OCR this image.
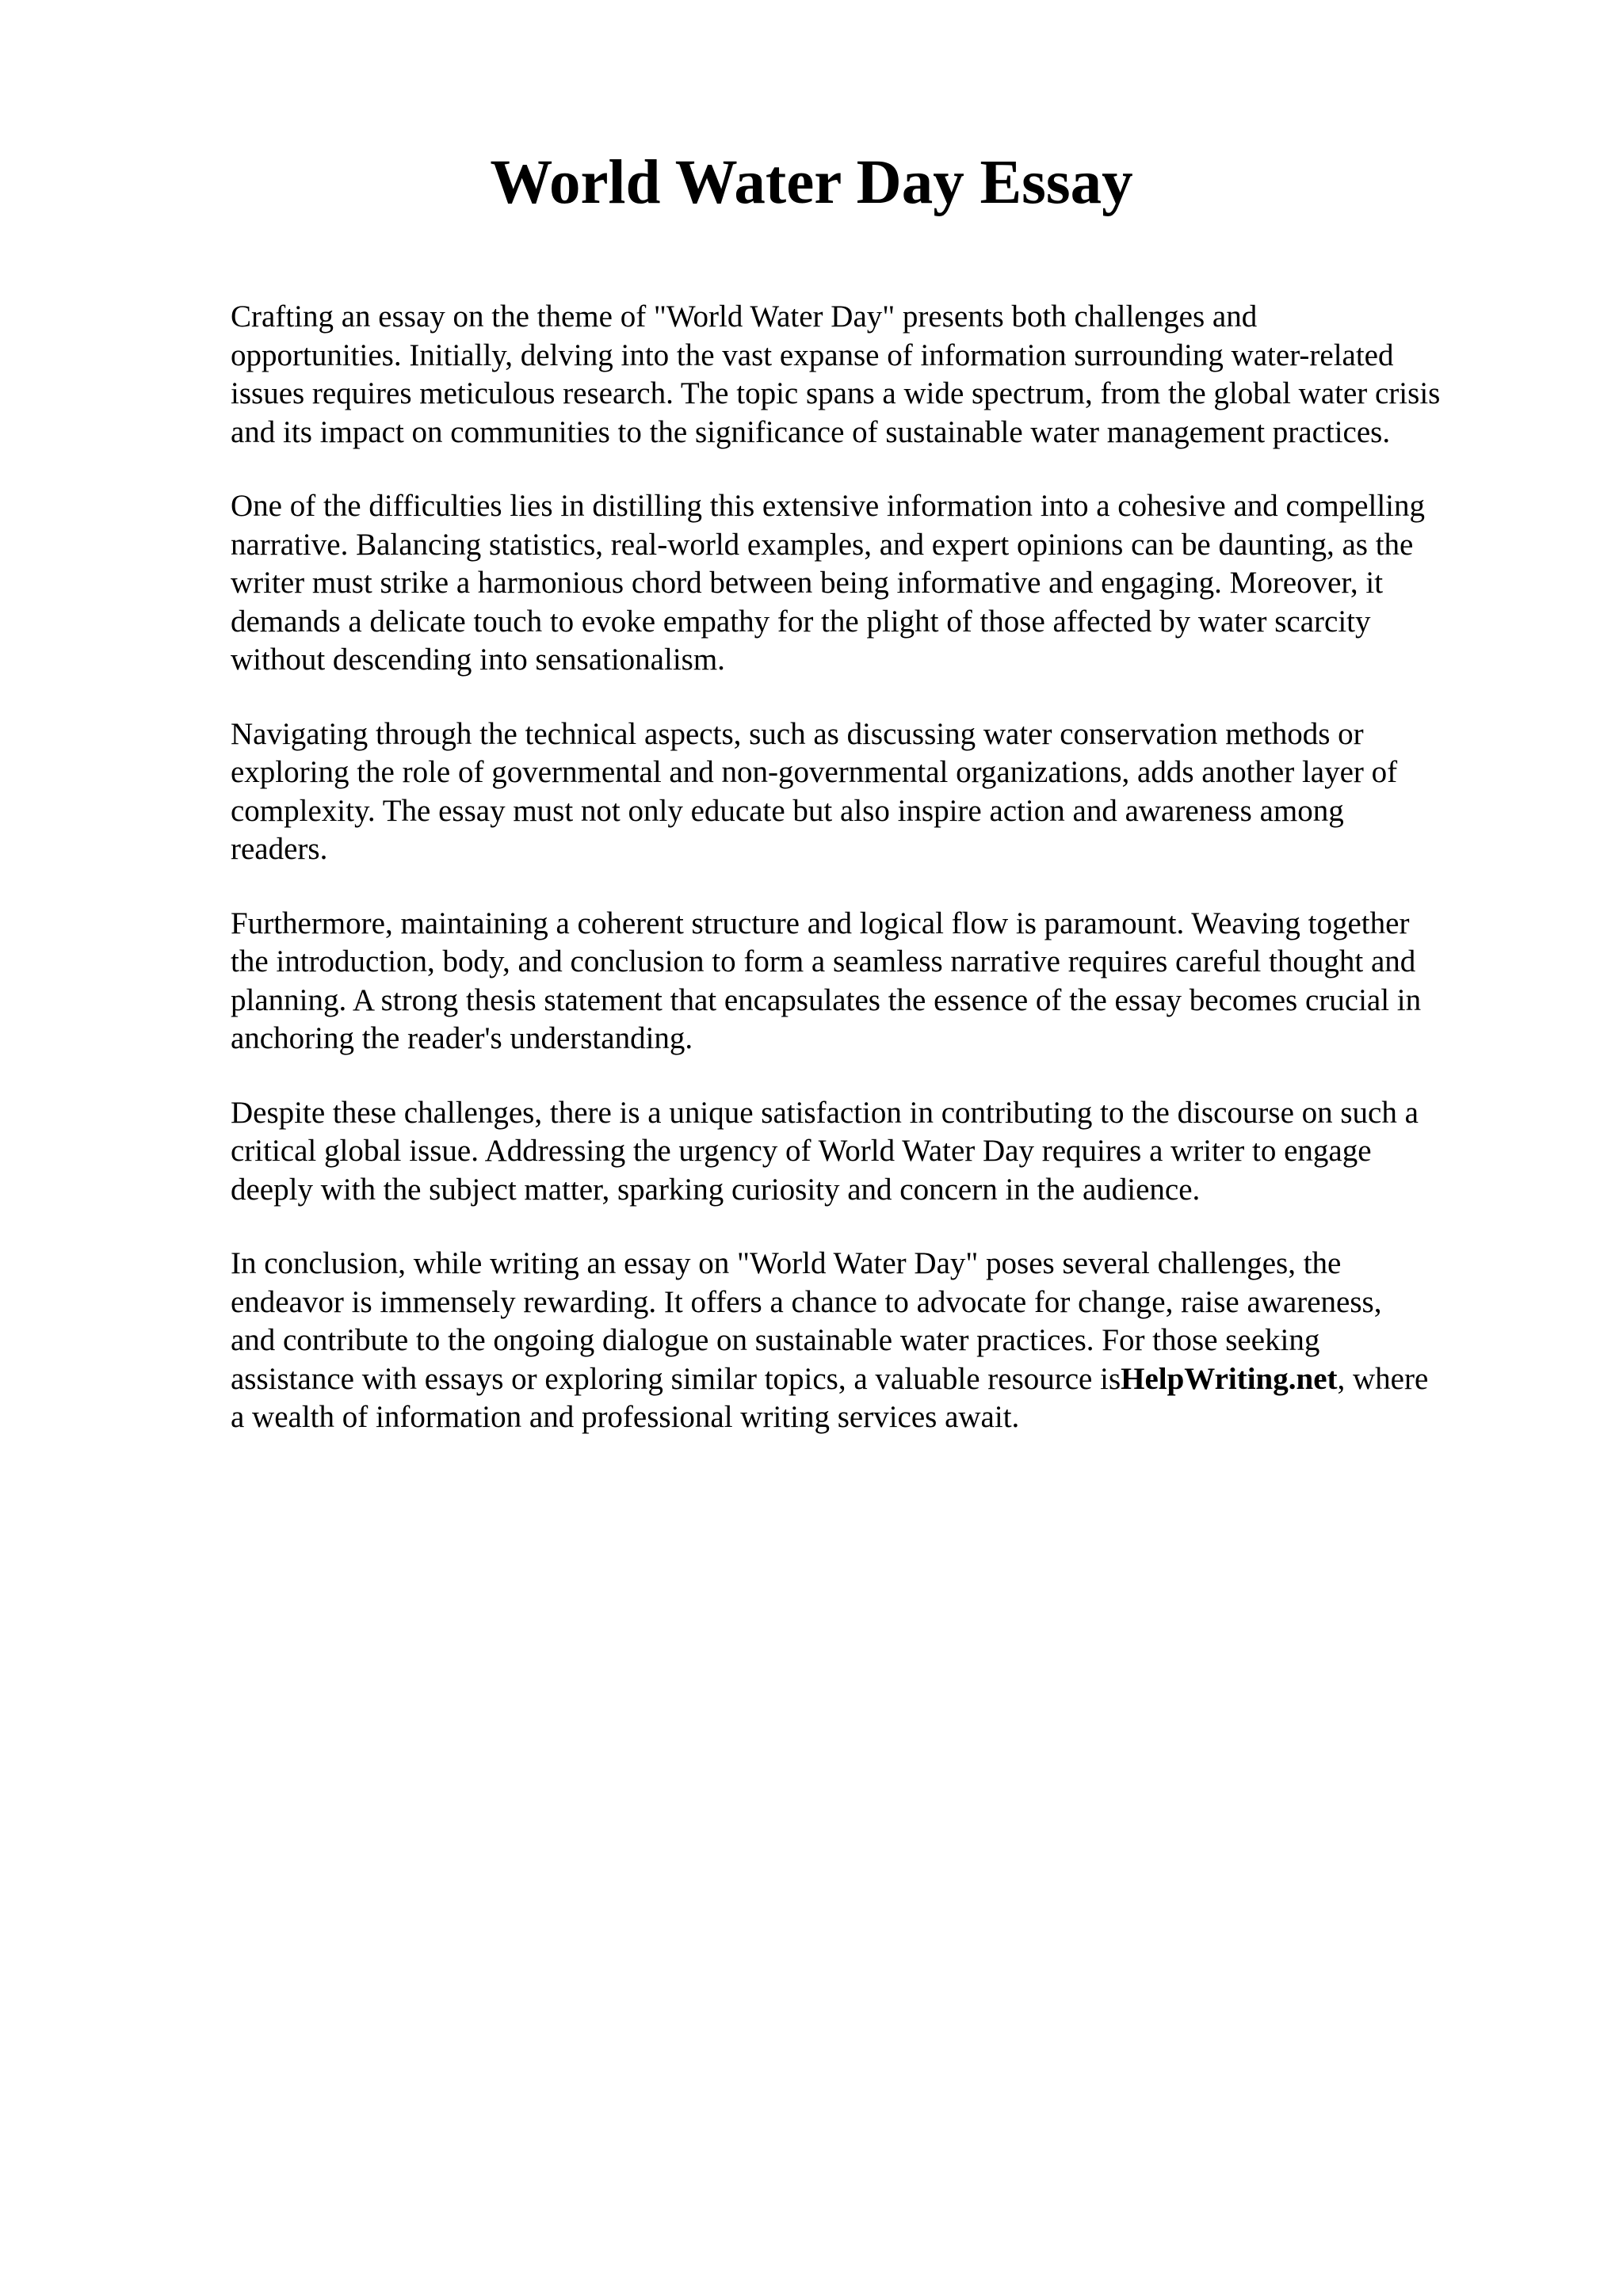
World Water Day Essay

Crafting an essay on the theme of "World Water Day" presents both challenges and
opportunities. Initially, delving into the vast expanse of information surrounding water-related
issues requires meticulous research. The topic spans a wide spectrum, from the global water crisis
and its impact on communities to the significance of sustainable water management practices.

One of the difficulties lies in distilling this extensive information into a cohesive and compelling
narrative. Balancing statistics, real-world examples, and expert opinions can be daunting, as the
writer must strike a harmonious chord between being informative and engaging. Moreover, it
demands a delicate touch to evoke empathy for the plight of those affected by water scarcity
without descending into sensationalism.

Navigating through the technical aspects, such as discussing water conservation methods or
exploring the role of governmental and non-governmental organizations, adds another layer of
complexity. The essay must not only educate but also inspire action and awareness among
readers.

Furthermore, maintaining a coherent structure and logical flow is paramount. Weaving together
the introduction, body, and conclusion to form a seamless narrative requires careful thought and
planning. A strong thesis statement that encapsulates the essence of the essay becomes crucial in
anchoring the reader's understanding.

Despite these challenges, there is a unique satisfaction in contributing to the discourse on such a
critical global issue. Addressing the urgency of World Water Day requires a writer to engage
deeply with the subject matter, sparking curiosity and concern in the audience.

In conclusion, while writing an essay on "World Water Day" poses several challenges, the
endeavor is immensely rewarding. It offers a chance to advocate for change, raise awareness,
and contribute to the ongoing dialogue on sustainable water practices. For those seeking
assistance with essays or exploring similar topics, a valuable resource isHelpWriting.net, where
a wealth of information and professional writing services await.
